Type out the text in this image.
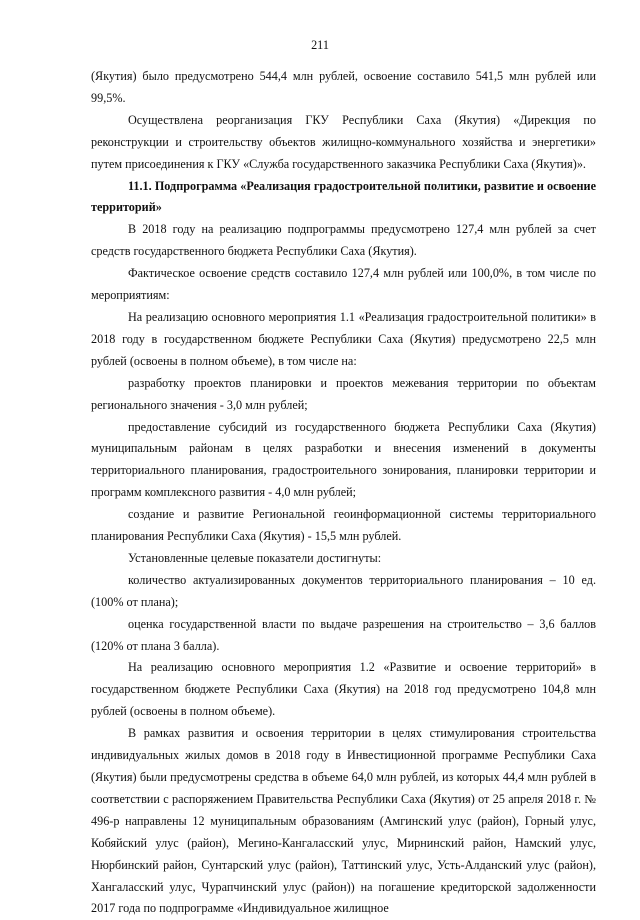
211

(Якутия) было предусмотрено 544,4 млн рублей, освоение составило 541,5 млн рублей или 99,5%.

Осуществлена реорганизация ГКУ Республики Саха (Якутия) «Дирекция по реконструкции и строительству объектов жилищно-коммунального хозяйства и энергетики» путем присоединения к ГКУ «Служба государственного заказчика Республики Саха (Якутия)».

11.1. Подпрограмма «Реализация градостроительной политики, развитие и освоение территорий»

В 2018 году на реализацию подпрограммы предусмотрено 127,4 млн рублей за счет средств государственного бюджета Республики Саха (Якутия).

Фактическое освоение средств составило 127,4 млн рублей или 100,0%, в том числе по мероприятиям:

На реализацию основного мероприятия 1.1 «Реализация градостроительной политики» в 2018 году в государственном бюджете Республики Саха (Якутия) предусмотрено 22,5 млн рублей (освоены в полном объеме), в том числе на:

разработку проектов планировки и проектов межевания территории по объектам регионального значения - 3,0 млн рублей;

предоставление субсидий из государственного бюджета Республики Саха (Якутия) муниципальным районам в целях разработки и внесения изменений в документы территориального планирования, градостроительного зонирования, планировки территории и программ комплексного развития - 4,0 млн рублей;

создание и развитие Региональной геоинформационной системы территориального планирования Республики Саха (Якутия) - 15,5 млн рублей.

Установленные целевые показатели достигнуты:

количество актуализированных документов территориального планирования – 10 ед. (100% от плана);

оценка государственной власти по выдаче разрешения на строительство – 3,6 баллов (120% от плана 3 балла).

На реализацию основного мероприятия 1.2 «Развитие и освоение территорий» в государственном бюджете Республики Саха (Якутия) на 2018 год предусмотрено 104,8 млн рублей (освоены в полном объеме).

В рамках развития и освоения территории в целях стимулирования строительства индивидуальных жилых домов в 2018 году в Инвестиционной программе Республики Саха (Якутия) были предусмотрены средства в объеме 64,0 млн рублей, из которых 44,4 млн рублей в соответствии с распоряжением Правительства Республики Саха (Якутия) от 25 апреля 2018 г. № 496-р направлены 12 муниципальным образованиям (Амгинский улус (район), Горный улус, Кобяйский улус (район), Мегино-Кангаласский улус, Мирнинский район, Намский улус, Нюрбинский район, Сунтарский улус (район), Таттинский улус, Усть-Алданский улус (район), Хангаласский улус, Чурапчинский улус (район)) на погашение кредиторской задолженности 2017 года по подпрограмме «Индивидуальное жилищное
